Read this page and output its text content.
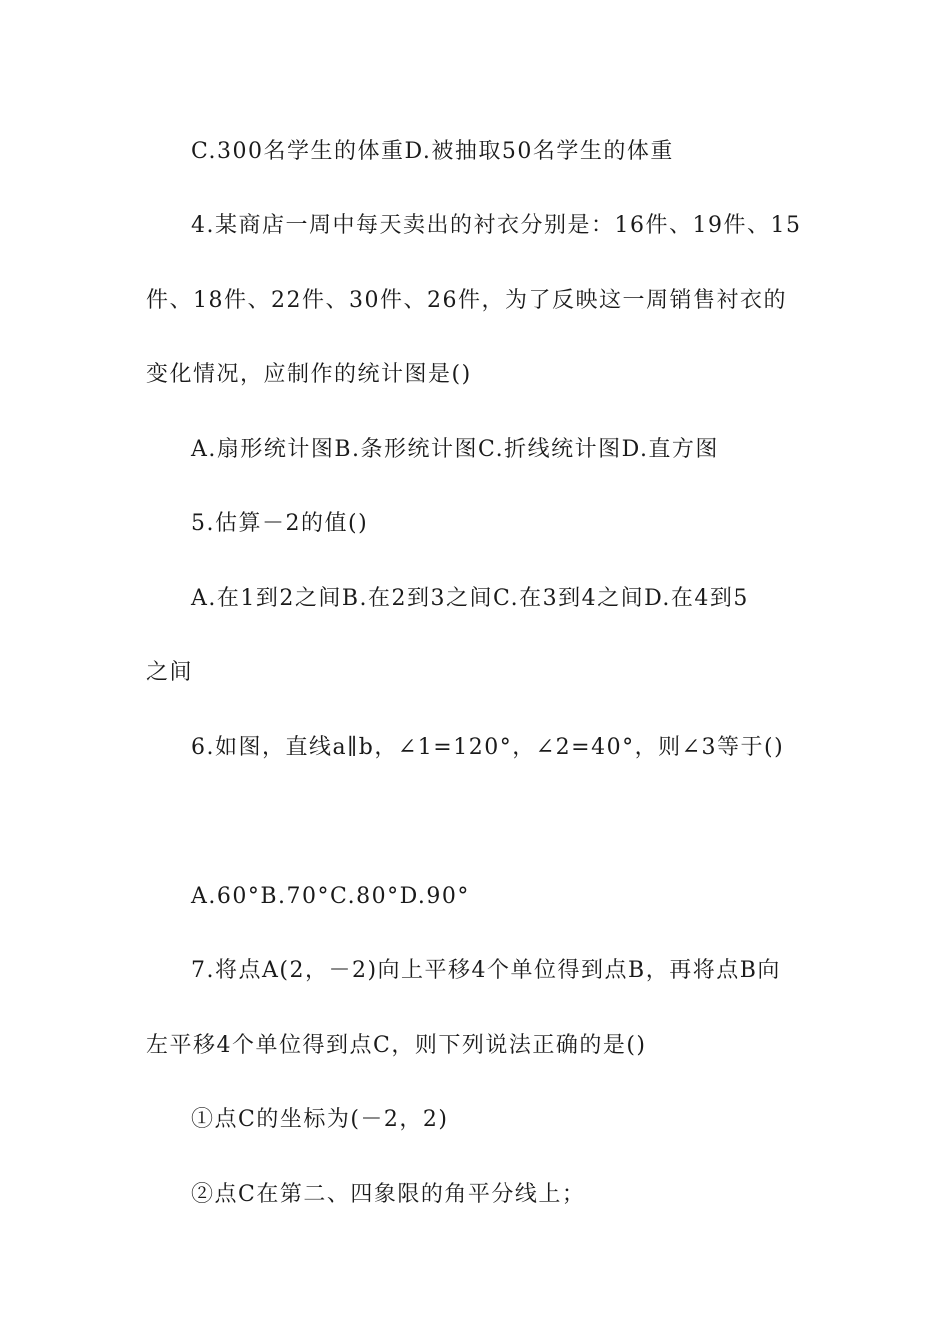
C.300名学生的体重D.被抽取50名学生的体重
4.某商店一周中每天卖出的衬衣分别是：16件、19件、15
件、18件、22件、30件、26件，为了反映这一周销售衬衣的
变化情况，应制作的统计图是()
A.扇形统计图B.条形统计图C.折线统计图D.直方图
5.估算－2的值()
A.在1到2之间B.在2到3之间C.在3到4之间D.在4到5
之间
6.如图，直线a∥b，∠1=120°，∠2=40°，则∠3等于()
A.60°B.70°C.80°D.90°
7.将点A(2，－2)向上平移4个单位得到点B，再将点B向
左平移4个单位得到点C，则下列说法正确的是()
①点C的坐标为(－2，2)
②点C在第二、四象限的角平分线上；
